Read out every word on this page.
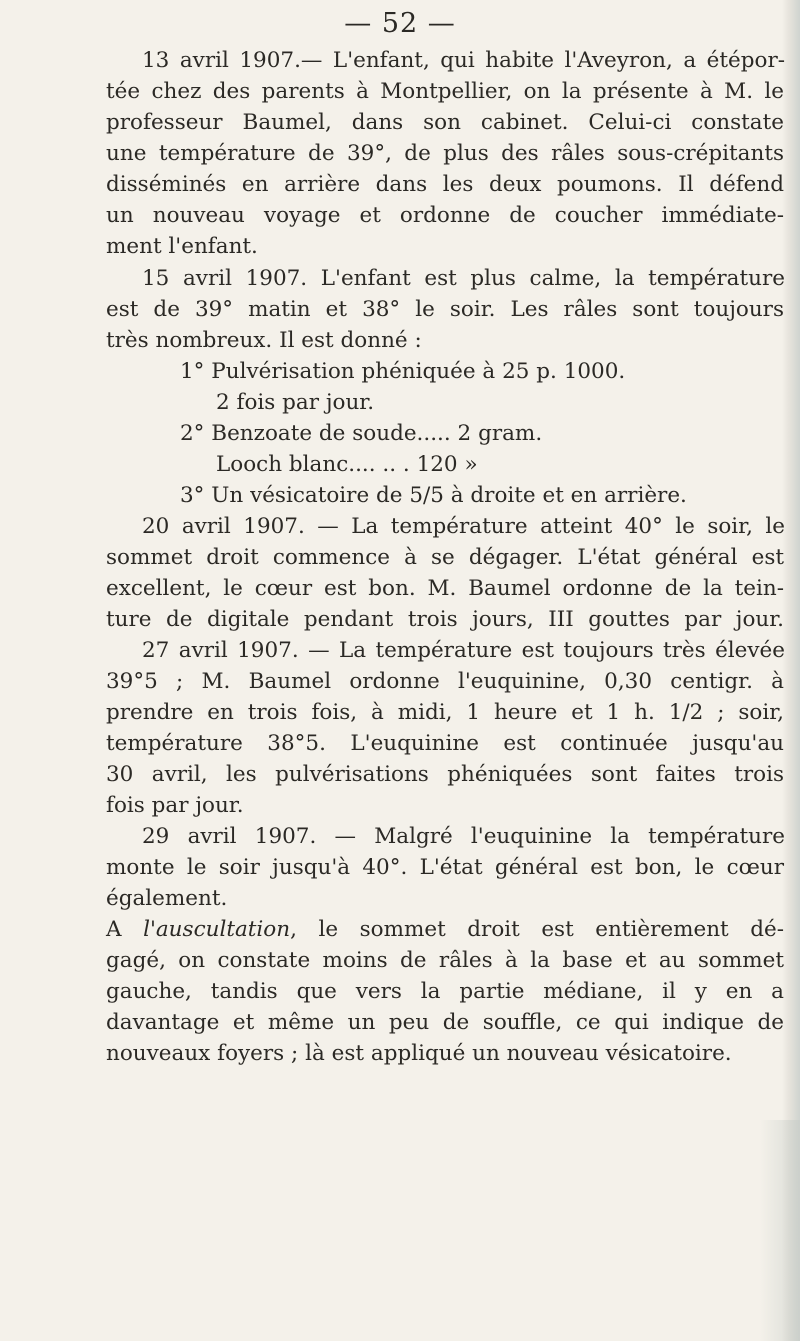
— 52 —
13 avril 1907.— L'enfant, qui habite l'Aveyron, a étépor-
tée chez des parents à Montpellier, on la présente à M. le
professeur Baumel, dans son cabinet. Celui-ci constate
une température de 39°, de plus des râles sous-crépitants
disséminés en arrière dans les deux poumons. Il défend
un nouveau voyage et ordonne de coucher immédiate-
ment l'enfant.
15 avril 1907. L'enfant est plus calme, la température
est de 39° matin et 38° le soir. Les râles sont toujours
très nombreux. Il est donné :
1° Pulvérisation phéniquée à 25 p. 1000.
2 fois par jour.
2° Benzoate de soude..... 2 gram.
Looch blanc.... .. . 120 »
3° Un vésicatoire de 5/5 à droite et en arrière.
20 avril 1907. — La température atteint 40° le soir, le
sommet droit commence à se dégager. L'état général est
excellent, le cœur est bon. M. Baumel ordonne de la tein-
ture de digitale pendant trois jours, III gouttes par jour.
27 avril 1907. — La température est toujours très élevée
39°5 ; M. Baumel ordonne l'euquinine, 0,30 centigr. à
prendre en trois fois, à midi, 1 heure et 1 h. 1/2 ; soir,
température 38°5. L'euquinine est continuée jusqu'au
30 avril, les pulvérisations phéniquées sont faites trois
fois par jour.
29 avril 1907. — Malgré l'euquinine la température
monte le soir jusqu'à 40°. L'état général est bon, le cœur
également.
A l'auscultation, le sommet droit est entièrement dé-
gagé, on constate moins de râles à la base et au sommet
gauche, tandis que vers la partie médiane, il y en a
davantage et même un peu de souffle, ce qui indique de
nouveaux foyers ; là est appliqué un nouveau vésicatoire.
